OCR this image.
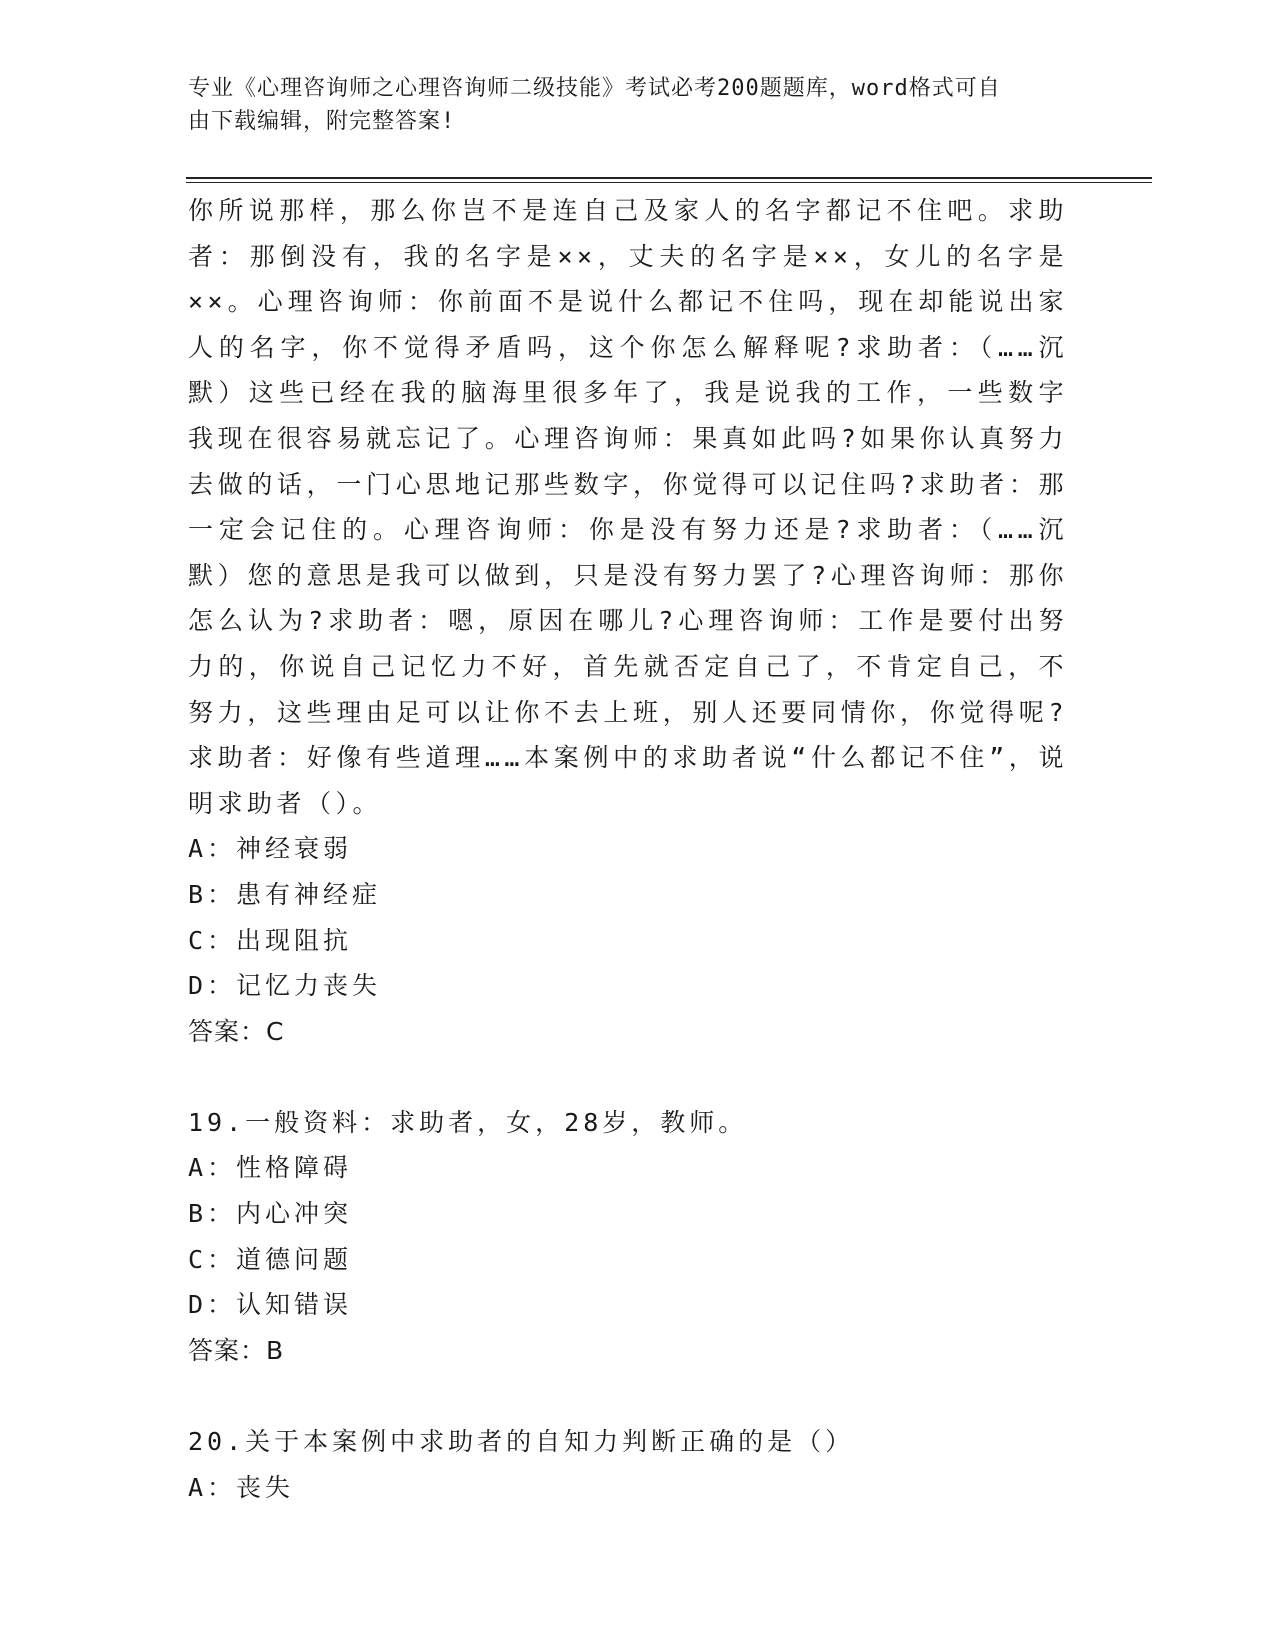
专业《心理咨询师之心理咨询师二级技能》考试必考200题题库，word格式可自
由下载编辑，附完整答案!

你所说那样，那么你岂不是连自己及家人的名字都记不住吧。求助者：那倒没有，我的名字是××，丈夫的名字是××，女儿的名字是××。心理咨询师：你前面不是说什么都记不住吗，现在却能说出家人的名字，你不觉得矛盾吗，这个你怎么解释呢?求助者：（……沉默）这些已经在我的脑海里很多年了，我是说我的工作，一些数字我现在很容易就忘记了。心理咨询师：果真如此吗?如果你认真努力去做的话，一门心思地记那些数字，你觉得可以记住吗?求助者：那一定会记住的。心理咨询师：你是没有努力还是?求助者：（……沉默）您的意思是我可以做到，只是没有努力罢了?心理咨询师：那你怎么认为?求助者：嗯，原因在哪儿?心理咨询师：工作是要付出努力的，你说自己记忆力不好，首先就否定自己了，不肯定自己，不努力，这些理由足可以让你不去上班，别人还要同情你，你觉得呢?求助者：好像有些道理……本案例中的求助者说“什么都记不住”，说明求助者（）。

A：神经衰弱

B：患有神经症

C：出现阻抗

D：记忆力丧失

答案：C

19.一般资料：求助者，女，28岁，教师。

A：性格障碍

B：内心冲突

C：道德问题

D：认知错误

答案：B

20.关于本案例中求助者的自知力判断正确的是（）

A：丧失
